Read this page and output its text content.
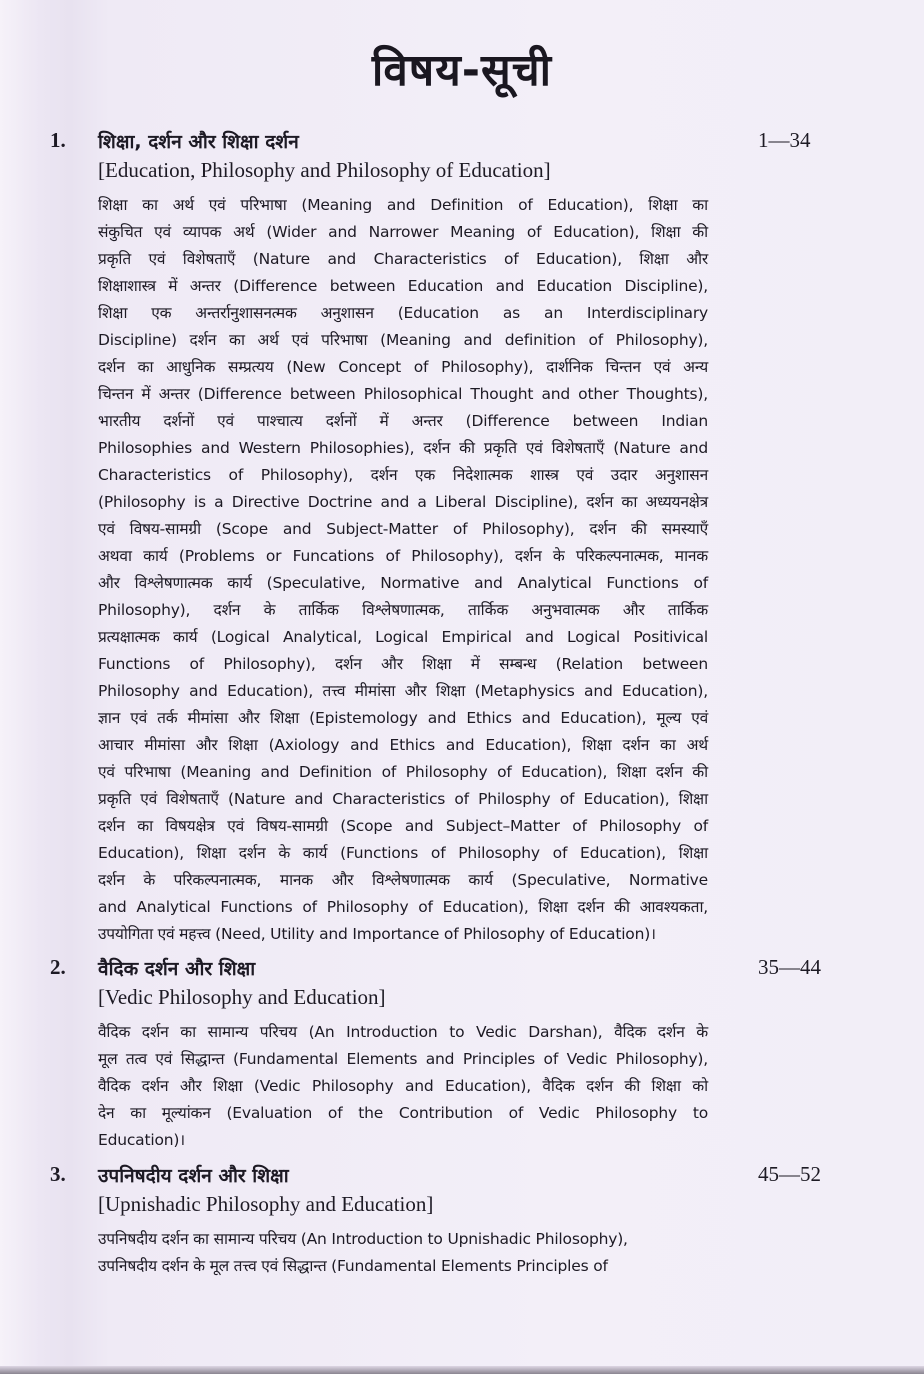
विषय-सूची
1. शिक्षा, दर्शन और शिक्षा दर्शन	1—34
[Education, Philosophy and Philosophy of Education]
शिक्षा का अर्थ एवं परिभाषा (Meaning and Definition of Education), शिक्षा का
संकुचित एवं व्यापक अर्थ (Wider and Narrower Meaning of Education), शिक्षा की
प्रकृति एवं विशेषताएँ (Nature and Characteristics of Education), शिक्षा और
शिक्षाशास्त्र में अन्तर (Difference between Education and Education Discipline),
शिक्षा एक अन्तर्रानुशासनत्मक अनुशासन (Education as an Interdisciplinary
Discipline) दर्शन का अर्थ एवं परिभाषा (Meaning and definition of Philosophy),
दर्शन का आधुनिक सम्प्रत्यय (New Concept of Philosophy), दार्शनिक चिन्तन एवं अन्य
चिन्तन में अन्तर (Difference between Philosophical Thought and other Thoughts),
भारतीय दर्शनों एवं पाश्चात्य दर्शनों में अन्तर (Difference between Indian
Philosophies and Western Philosophies), दर्शन की प्रकृति एवं विशेषताएँ (Nature and
Characteristics of Philosophy), दर्शन एक निदेशात्मक शास्त्र एवं उदार अनुशासन
(Philosophy is a Directive Doctrine and a Liberal Discipline), दर्शन का अध्ययनक्षेत्र
एवं विषय-सामग्री (Scope and Subject-Matter of Philosophy), दर्शन की समस्याएँ
अथवा कार्य (Problems or Funcations of Philosophy), दर्शन के परिकल्पनात्मक, मानक
और विश्लेषणात्मक कार्य (Speculative, Normative and Analytical Functions of
Philosophy), दर्शन के तार्किक विश्लेषणात्मक, तार्किक अनुभवात्मक और तार्किक
प्रत्यक्षात्मक कार्य (Logical Analytical, Logical Empirical and Logical Positivical
Functions of Philosophy), दर्शन और शिक्षा में सम्बन्ध (Relation between
Philosophy and Education), तत्त्व मीमांसा और शिक्षा (Metaphysics and Education),
ज्ञान एवं तर्क मीमांसा और शिक्षा (Epistemology and Ethics and Education), मूल्य एवं
आचार मीमांसा और शिक्षा (Axiology and Ethics and Education), शिक्षा दर्शन का अर्थ
एवं परिभाषा (Meaning and Definition of Philosophy of Education), शिक्षा दर्शन की
प्रकृति एवं विशेषताएँ (Nature and Characteristics of Philosphy of Education), शिक्षा
दर्शन का विषयक्षेत्र एवं विषय-सामग्री (Scope and Subject–Matter of Philosophy of
Education), शिक्षा दर्शन के कार्य (Functions of Philosophy of Education), शिक्षा
दर्शन के परिकल्पनात्मक, मानक और विश्लेषणात्मक कार्य (Speculative, Normative
and Analytical Functions of Philosophy of Education), शिक्षा दर्शन की आवश्यकता,
उपयोगिता एवं महत्त्व (Need, Utility and Importance of Philosophy of Education)।
2. वैदिक दर्शन और शिक्षा	35—44
[Vedic Philosophy and Education]
वैदिक दर्शन का सामान्य परिचय (An Introduction to Vedic Darshan), वैदिक दर्शन के
मूल तत्व एवं सिद्धान्त (Fundamental Elements and Principles of Vedic Philosophy),
वैदिक दर्शन और शिक्षा (Vedic Philosophy and Education), वैदिक दर्शन की शिक्षा को
देन का मूल्यांकन (Evaluation of the Contribution of Vedic Philosophy to
Education)।
3. उपनिषदीय दर्शन और शिक्षा	45—52
[Upnishadic Philosophy and Education]
उपनिषदीय दर्शन का सामान्य परिचय (An Introduction to Upnishadic Philosophy),
उपनिषदीय दर्शन के मूल तत्त्व एवं सिद्धान्त (Fundamental Elements Principles of
